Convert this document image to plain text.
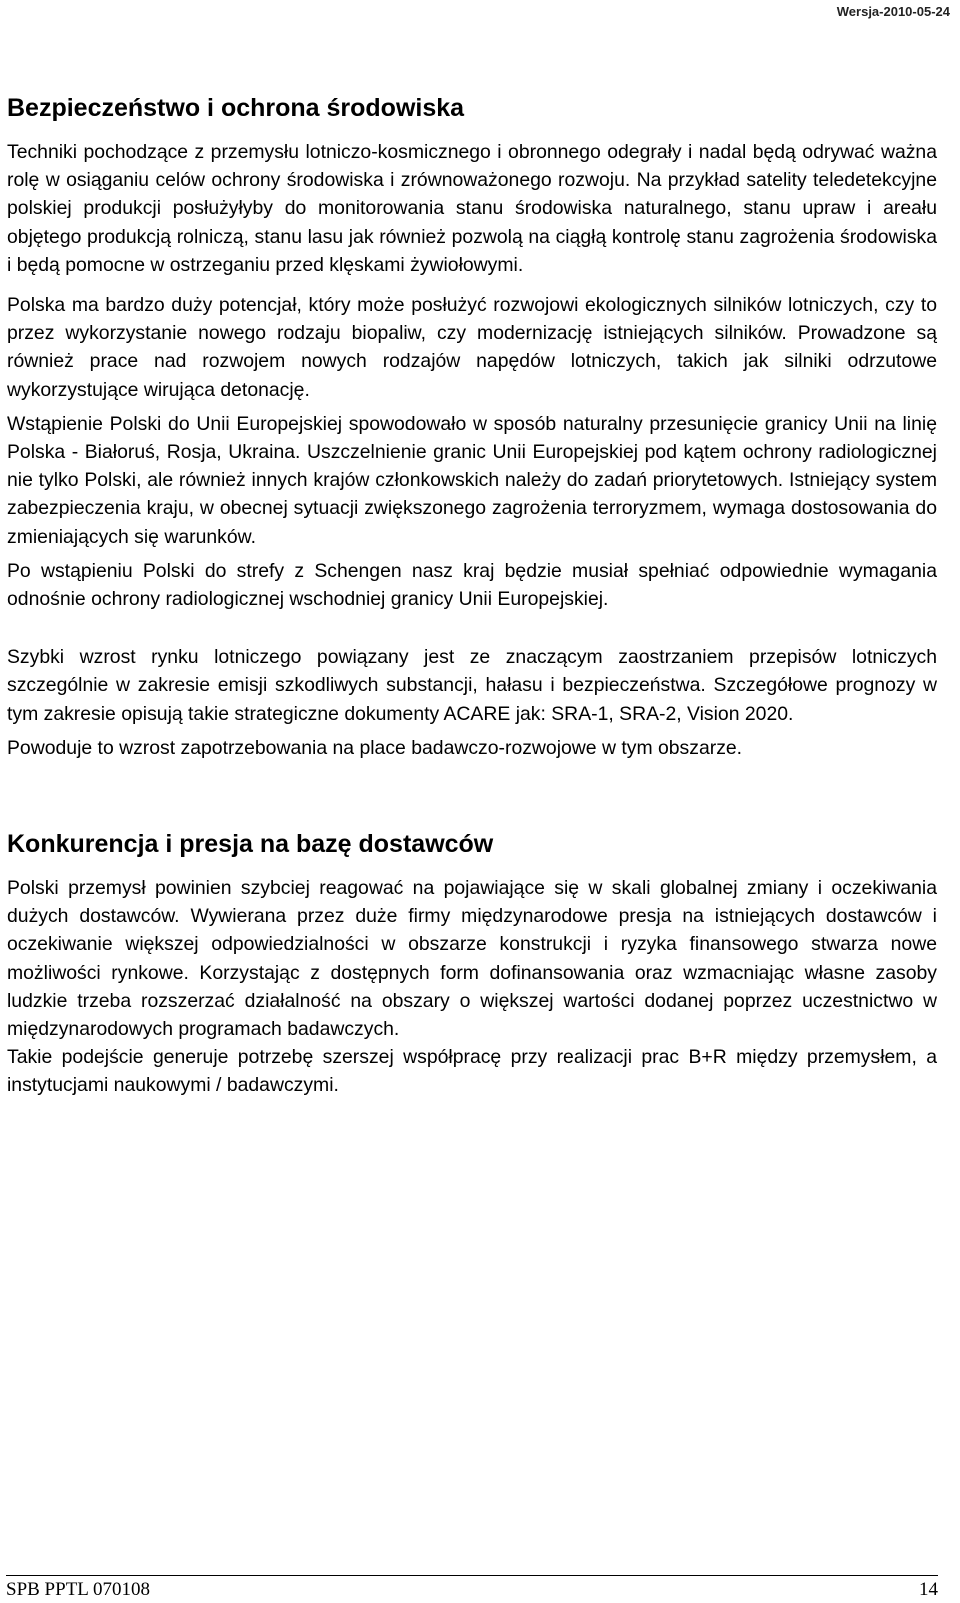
Wersja-2010-05-24
Bezpieczeństwo i ochrona środowiska

Techniki pochodzące z przemysłu lotniczo-kosmicznego i obronnego odegrały i nadal będą odrywać ważna rolę w osiąganiu celów ochrony środowiska i zrównoważonego rozwoju. Na przykład satelity teledetekcyjne polskiej produkcji posłużyłyby do monitorowania stanu środowiska naturalnego, stanu upraw i areału objętego produkcją rolniczą, stanu lasu jak również pozwolą na ciągłą kontrolę stanu zagrożenia środowiska i będą pomocne w ostrzeganiu przed klęskami żywiołowymi.

Polska ma bardzo duży potencjał, który może posłużyć rozwojowi ekologicznych silników lotniczych, czy to przez wykorzystanie nowego rodzaju biopaliw, czy modernizację istniejących silników. Prowadzone są również prace nad rozwojem nowych rodzajów napędów lotniczych, takich jak silniki odrzutowe wykorzystujące wirująca detonację.

Wstąpienie Polski do Unii Europejskiej spowodowało w sposób naturalny przesunięcie granicy Unii na linię Polska - Białoruś, Rosja, Ukraina. Uszczelnienie granic Unii Europejskiej pod kątem ochrony radiologicznej nie tylko Polski, ale również innych krajów członkowskich należy do zadań priorytetowych. Istniejący system zabezpieczenia kraju, w obecnej sytuacji zwiększonego zagrożenia terroryzmem, wymaga dostosowania do zmieniających się warunków.

Po wstąpieniu Polski do strefy z Schengen nasz kraj będzie musiał spełniać odpowiednie wymagania odnośnie ochrony radiologicznej wschodniej granicy Unii Europejskiej.

Szybki wzrost rynku lotniczego powiązany jest ze znaczącym zaostrzaniem przepisów lotniczych szczególnie w zakresie emisji szkodliwych substancji, hałasu i bezpieczeństwa. Szczegółowe prognozy w tym zakresie opisują takie strategiczne dokumenty ACARE jak: SRA-1, SRA-2, Vision 2020.

Powoduje to wzrost zapotrzebowania na place badawczo-rozwojowe w tym obszarze.

Konkurencja i presja na bazę dostawców

Polski przemysł powinien szybciej reagować na pojawiające się w skali globalnej zmiany i oczekiwania dużych dostawców. Wywierana przez duże firmy międzynarodowe presja na istniejących dostawców i oczekiwanie większej odpowiedzialności w obszarze konstrukcji i ryzyka finansowego stwarza nowe możliwości rynkowe. Korzystając z dostępnych form dofinansowania oraz wzmacniając własne zasoby ludzkie trzeba rozszerzać działalność na obszary o większej wartości dodanej poprzez uczestnictwo w międzynarodowych programach badawczych.

Takie podejście generuje potrzebę szerszej współpracę przy realizacji prac B+R między przemysłem, a instytucjami naukowymi / badawczymi.

SPB PPTL 070108	14
